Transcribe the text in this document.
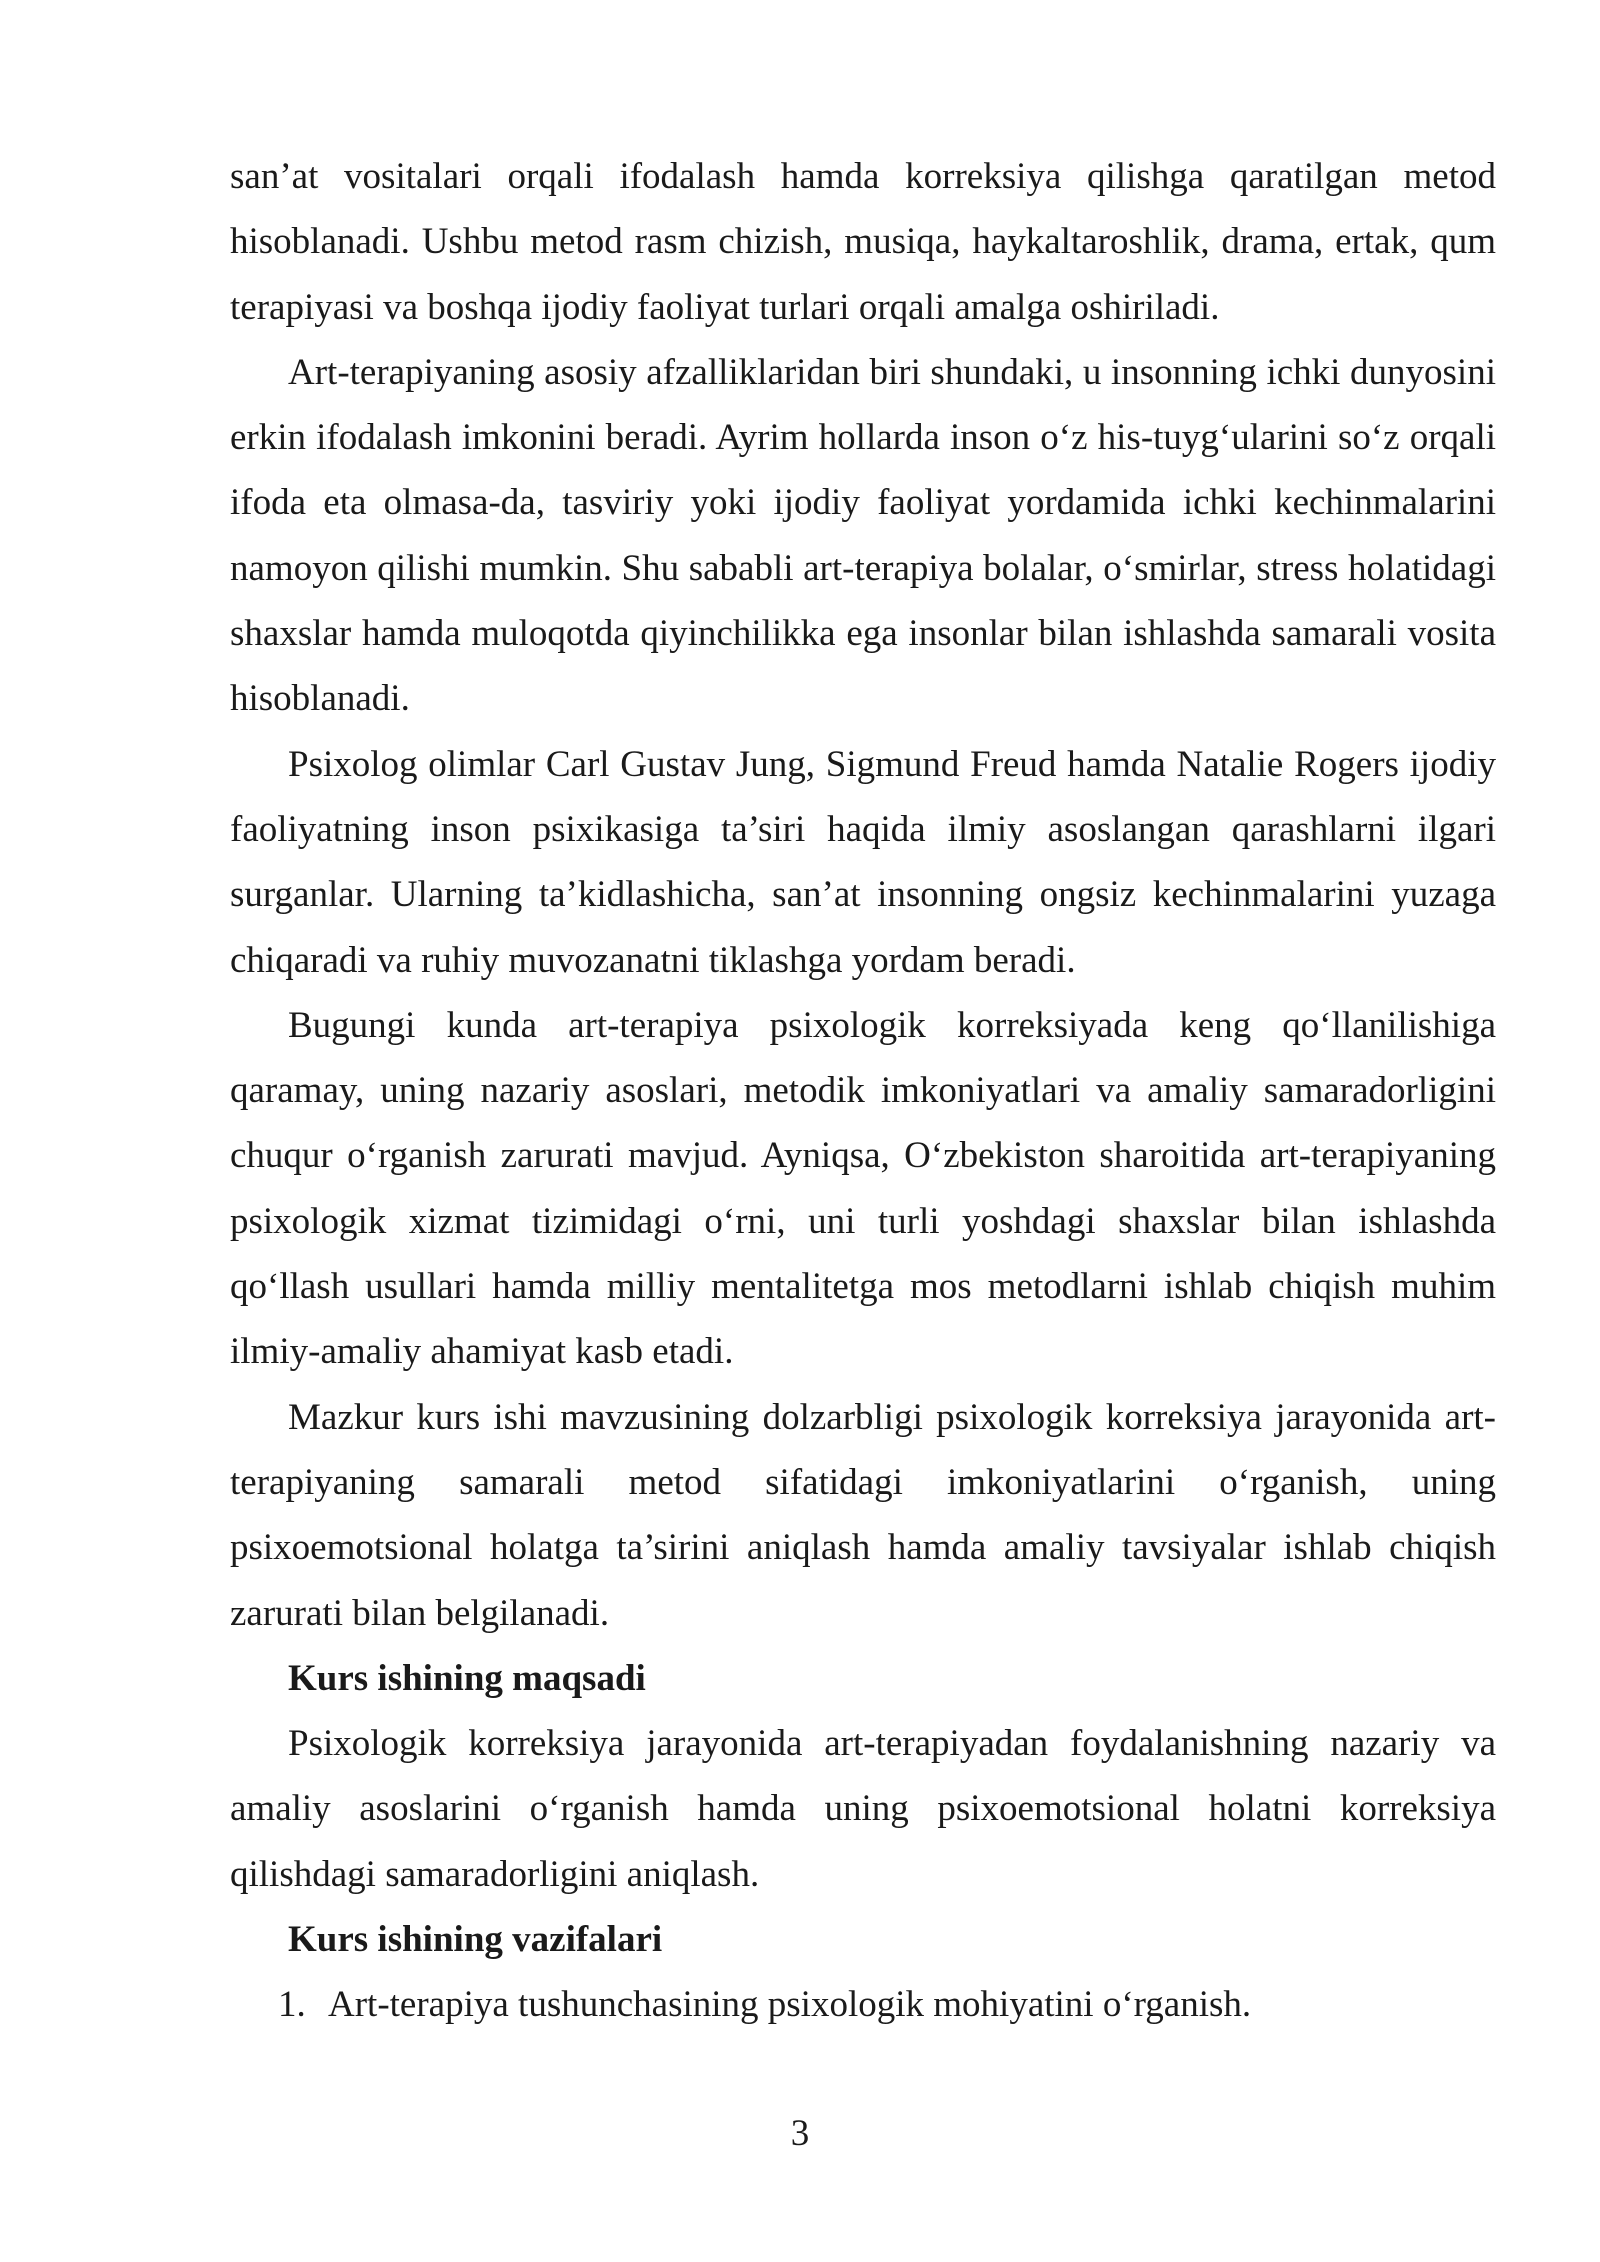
san’at vositalari orqali ifodalash hamda korreksiya qilishga qaratilgan metod hisoblanadi. Ushbu metod rasm chizish, musiqa, haykaltaroshlik, drama, ertak, qum terapiyasi va boshqa ijodiy faoliyat turlari orqali amalga oshiriladi.

Art-terapiyaning asosiy afzalliklaridan biri shundaki, u insonning ichki dunyosini erkin ifodalash imkonini beradi. Ayrim hollarda inson o‘z his-tuyg‘ularini so‘z orqali ifoda eta olmasa-da, tasviriy yoki ijodiy faoliyat yordamida ichki kechinmalarini namoyon qilishi mumkin. Shu sababli art-terapiya bolalar, o‘smirlar, stress holatidagi shaxslar hamda muloqotda qiyinchilikka ega insonlar bilan ishlashda samarali vosita hisoblanadi.

Psixolog olimlar Carl Gustav Jung, Sigmund Freud hamda Natalie Rogers ijodiy faoliyatning inson psixikasiga ta’siri haqida ilmiy asoslangan qarashlarni ilgari surganlar. Ularning ta’kidlashicha, san’at insonning ongsiz kechinmalarini yuzaga chiqaradi va ruhiy muvozanatni tiklashga yordam beradi.

Bugungi kunda art-terapiya psixologik korreksiyada keng qo‘llanilishiga qaramay, uning nazariy asoslari, metodik imkoniyatlari va amaliy samaradorligini chuqur o‘rganish zarurati mavjud. Ayniqsa, O‘zbekiston sharoitida art-terapiyaning psixologik xizmat tizimidagi o‘rni, uni turli yoshdagi shaxslar bilan ishlashda qo‘llash usullari hamda milliy mentalitetga mos metodlarni ishlab chiqish muhim ilmiy-amaliy ahamiyat kasb etadi.

Mazkur kurs ishi mavzusining dolzarbligi psixologik korreksiya jarayonida art-terapiyaning samarali metod sifatidagi imkoniyatlarini o‘rganish, uning psixoemotsional holatga ta’sirini aniqlash hamda amaliy tavsiyalar ishlab chiqish zarurati bilan belgilanadi.

Kurs ishining maqsadi

Psixologik korreksiya jarayonida art-terapiyadan foydalanishning nazariy va amaliy asoslarini o‘rganish hamda uning psixoemotsional holatni korreksiya qilishdagi samaradorligini aniqlash.

Kurs ishining vazifalari
1. Art-terapiya tushunchasining psixologik mohiyatini o‘rganish.
3
